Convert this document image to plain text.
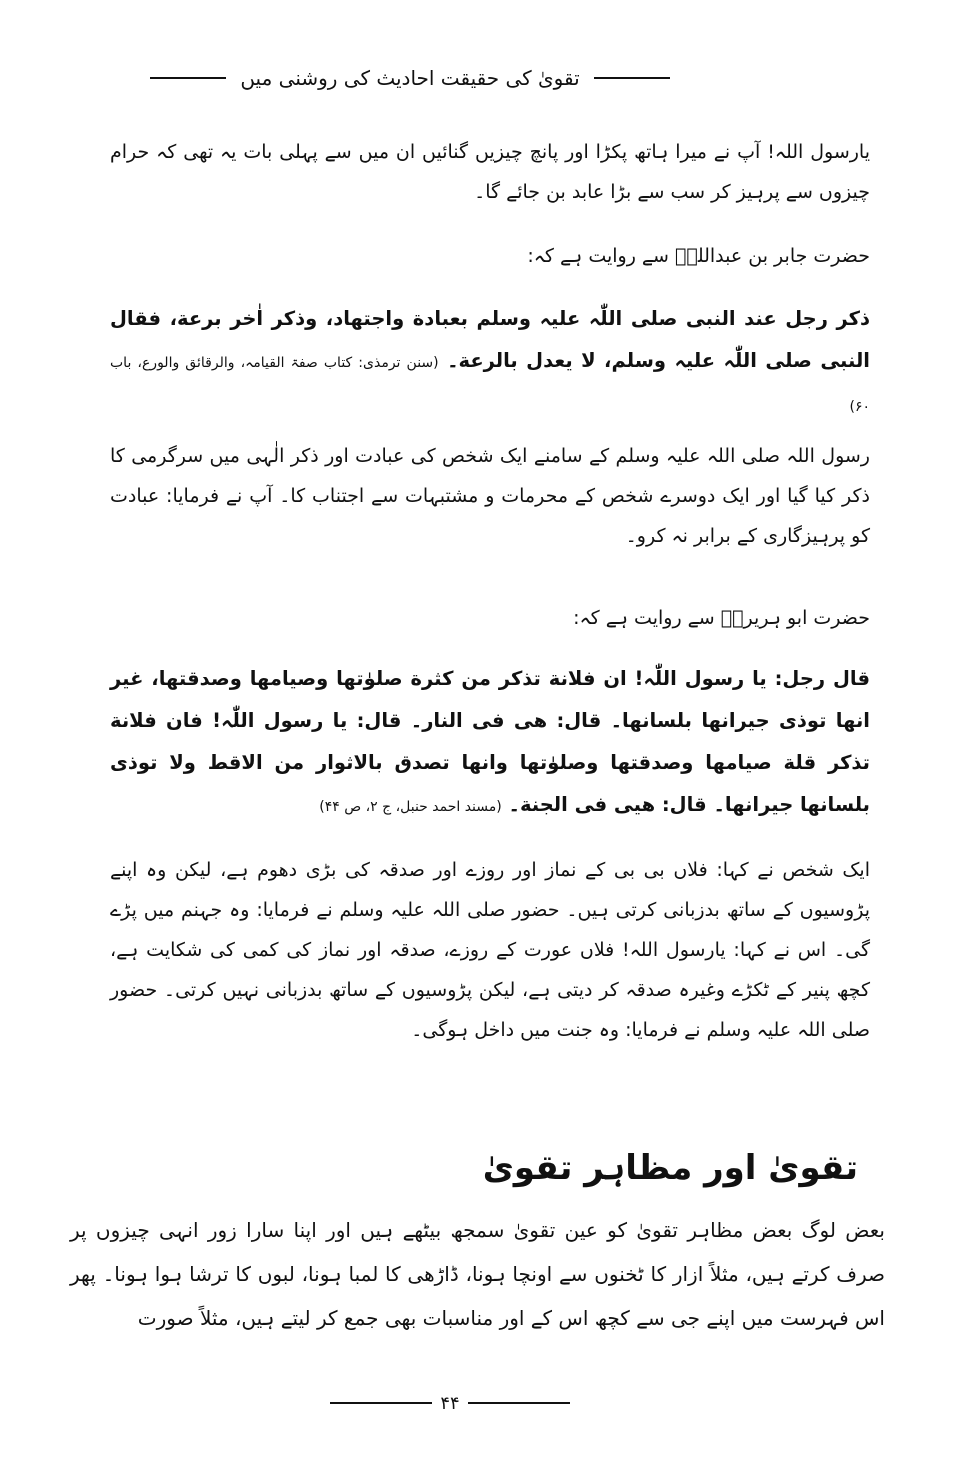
تقویٰ کی حقیقت احادیث کی روشنی میں
یارسول اللہ! آپ نے میرا ہاتھ پکڑا اور پانچ چیزیں گنائیں ان میں سے پہلی بات یہ تھی کہ حرام چیزوں سے پرہیز کر سب سے بڑا عابد بن جائے گا۔
حضرت جابر بن عبداللہؓ سے روایت ہے کہ:
ذکر رجل عند النبی صلی اللّٰہ علیہ وسلم بعبادة واجتهاد، وذکر اٰخر برعة، فقال النبی صلی اللّٰہ علیہ وسلم، لا یعدل بالرعة۔ (سنن ترمذی: کتاب صفۃ القیامہ، والرقائق والورع، باب ۶۰)
رسول اللہ صلی اللہ علیہ وسلم کے سامنے ایک شخص کی عبادت اور ذکر الٰہی میں سرگرمی کا ذکر کیا گیا اور ایک دوسرے شخص کے محرمات و مشتبہات سے اجتناب کا۔ آپ نے فرمایا: عبادت کو پرہیزگاری کے برابر نہ کرو۔
حضرت ابو ہریرہؓ سے روایت ہے کہ:
قال رجل: یا رسول اللّٰہ! ان فلانة تذکر من کثرة صلوٰتها وصیامها وصدقتها، غیر انها توذی جیرانها بلسانها۔ قال: هی فی النار۔ قال: یا رسول اللّٰہ! فان فلانة تذکر قلة صیامها وصدقتها وصلوٰتها وانها تصدق بالاثوار من الاقط ولا توذی بلسانها جیرانها۔ قال: هیی فی الجنة۔ (مسند احمد حنبل، ج ۲، ص ۴۴)
ایک شخص نے کہا: فلاں بی بی کے نماز اور روزے اور صدقہ کی بڑی دھوم ہے، لیکن وہ اپنے پڑوسیوں کے ساتھ بدزبانی کرتی ہیں۔ حضور صلی اللہ علیہ وسلم نے فرمایا: وہ جہنم میں پڑے گی۔ اس نے کہا: یارسول اللہ! فلاں عورت کے روزے، صدقہ اور نماز کی کمی کی شکایت ہے، کچھ پنیر کے ٹکڑے وغیرہ صدقہ کر دیتی ہے، لیکن پڑوسیوں کے ساتھ بدزبانی نہیں کرتی۔ حضور صلی اللہ علیہ وسلم نے فرمایا: وہ جنت میں داخل ہوگی۔
تقویٰ اور مظاہر تقویٰ
بعض لوگ بعض مظاہر تقویٰ کو عین تقویٰ سمجھ بیٹھے ہیں اور اپنا سارا زور انہی چیزوں پر صرف کرتے ہیں، مثلاً ازار کا ٹخنوں سے اونچا ہونا، ڈاڑھی کا لمبا ہونا، لبوں کا ترشا ہوا ہونا۔ پھر اس فہرست میں اپنے جی سے کچھ اس کے اور مناسبات بھی جمع کر لیتے ہیں، مثلاً صورت
۴۴
